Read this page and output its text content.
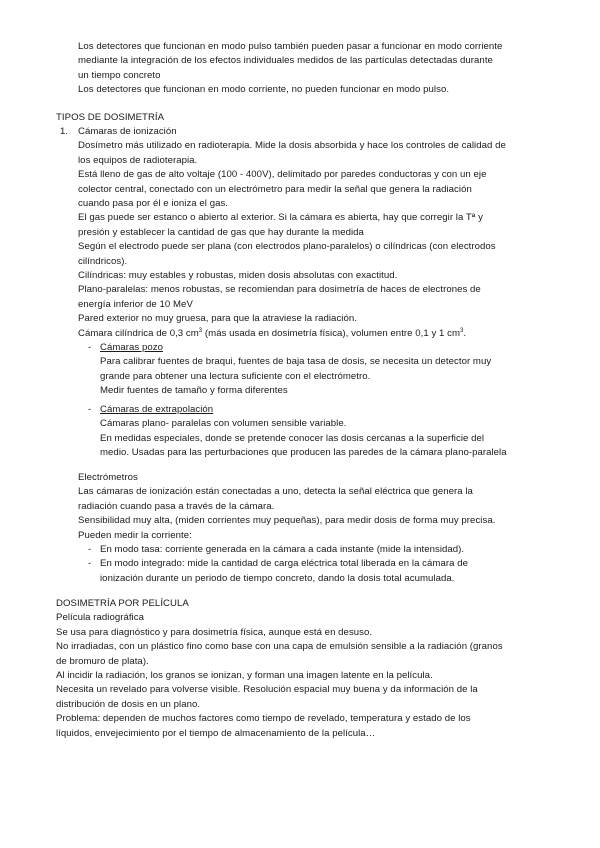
Los detectores que funcionan en modo pulso también pueden pasar a funcionar en modo corriente
mediante la integración de los efectos individuales medidos de las partículas detectadas durante
un tiempo concreto
Los detectores que funcionan en modo corriente, no pueden funcionar en modo pulso.
TIPOS DE DOSIMETRÍA
1. Cámaras de ionización
Dosímetro más utilizado en radioterapia. Mide la dosis absorbida y hace los controles de calidad de
los equipos de radioterapia.
Está lleno de gas de alto voltaje (100 - 400V), delimitado por paredes conductoras y con un eje
colector central, conectado con un electrómetro para medir la señal que genera la radiación
cuando pasa por él e ioniza el gas.
El gas puede ser estanco o abierto al exterior. Si la cámara es abierta, hay que corregir la Tª y
presión y establecer la cantidad de gas que hay durante la medida
Según el electrodo puede ser plana (con electrodos plano-paralelos) o cilíndricas (con electrodos
cilíndricos).
Cilíndricas: muy estables y robustas, miden dosis absolutas con exactitud.
Plano-paralelas: menos robustas, se recomiendan para dosimetría de haces de electrones de
energía inferior de 10 MeV
Pared exterior no muy gruesa, para que la atraviese la radiación.
Cámara cilíndrica de 0,3 $cm^3$ (más usada en dosimetría física), volumen entre 0,1 y 1 $cm^3$.
- Cámaras pozo
Para calibrar fuentes de braqui, fuentes de baja tasa de dosis, se necesita un detector muy
grande para obtener una lectura suficiente con el electrómetro.
Medir fuentes de tamaño y forma diferentes
- Cámaras de extrapolación
Cámaras plano- paralelas con volumen sensible variable.
En medidas especiales, donde se pretende conocer las dosis cercanas a la superficie del
medio. Usadas para las perturbaciones que producen las paredes de la cámara plano-paralela
Electrómetros
Las cámaras de ionización están conectadas a uno, detecta la señal eléctrica que genera la
radiación cuando pasa a través de la cámara.
Sensibilidad muy alta, (miden corrientes muy pequeñas), para medir dosis de forma muy precisa.
Pueden medir la corriente:
- En modo tasa: corriente generada en la cámara a cada instante (mide la intensidad).
- En modo integrado: mide la cantidad de carga eléctrica total liberada en la cámara de
ionización durante un periodo de tiempo concreto, dando la dosis total acumulada.
DOSIMETRÍA POR PELÍCULA
Película radiográfica
Se usa para diagnóstico y para dosimetría física, aunque está en desuso.
No irradiadas, con un plástico fino como base con una capa de emulsión sensible a la radiación (granos
de bromuro de plata).
Al incidir la radiación, los granos se ionizan, y forman una imagen latente en la película.
Necesita un revelado para volverse visible. Resolución espacial muy buena y da información de la
distribución de dosis en un plano.
Problema: dependen de muchos factores como tiempo de revelado, temperatura y estado de los
líquidos, envejecimiento por el tiempo de almacenamiento de la película…
